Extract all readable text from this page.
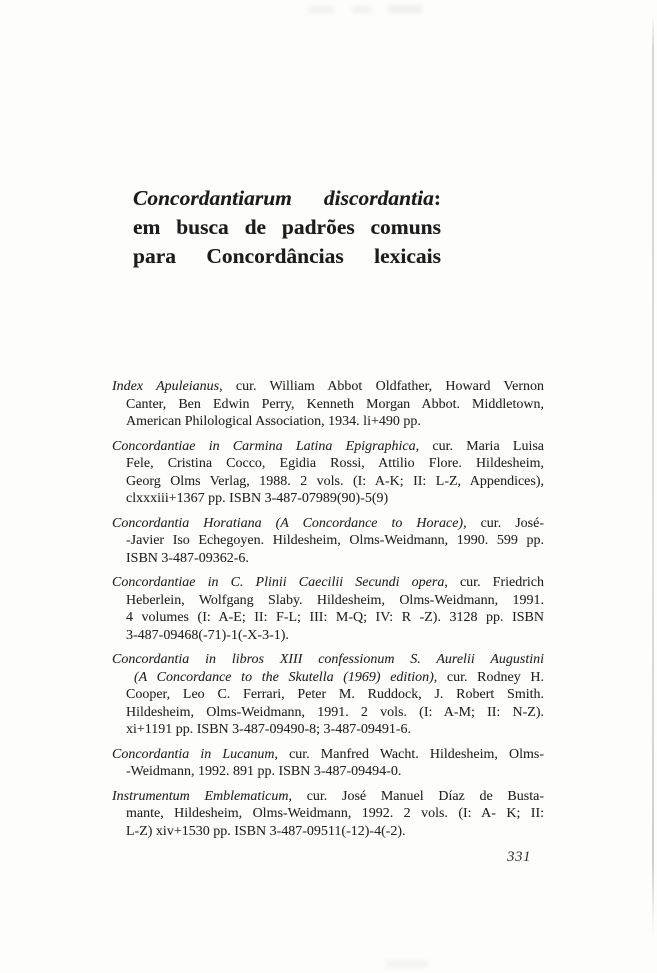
Concordantiarum discordantia:
em busca de padrões comuns
para Concordâncias lexicais
Index Apuleianus, cur. William Abbot Oldfather, Howard Vernon
Canter, Ben Edwin Perry, Kenneth Morgan Abbot. Middletown,
American Philological Association, 1934. li+490 pp.
Concordantiae in Carmina Latina Epigraphica, cur. Maria Luisa
Fele, Cristina Cocco, Egidia Rossi, Attilio Flore. Hildesheim,
Georg Olms Verlag, 1988. 2 vols. (I: A-K; II: L-Z, Appendices),
clxxxiii+1367 pp. ISBN 3-487-07989(90)-5(9)
Concordantia Horatiana (A Concordance to Horace), cur. José-
-Javier Iso Echegoyen. Hildesheim, Olms-Weidmann, 1990. 599 pp.
ISBN 3-487-09362-6.
Concordantiae in C. Plinii Caecilii Secundi opera, cur. Friedrich
Heberlein, Wolfgang Slaby. Hildesheim, Olms-Weidmann, 1991.
4 volumes (I: A-E; II: F-L; III: M-Q; IV: R -Z). 3128 pp. ISBN
3-487-09468(-71)-1(-X-3-1).
Concordantia in libros XIII confessionum S. Aurelii Augustini
(A Concordance to the Skutella (1969) edition), cur. Rodney H.
Cooper, Leo C. Ferrari, Peter M. Ruddock, J. Robert Smith.
Hildesheim, Olms-Weidmann, 1991. 2 vols. (I: A-M; II: N-Z).
xi+1191 pp. ISBN 3-487-09490-8; 3-487-09491-6.
Concordantia in Lucanum, cur. Manfred Wacht. Hildesheim, Olms-
-Weidmann, 1992. 891 pp. ISBN 3-487-09494-0.
Instrumentum Emblematicum, cur. José Manuel Díaz de Busta-
mante, Hildesheim, Olms-Weidmann, 1992. 2 vols. (I: A- K; II:
L-Z) xiv+1530 pp. ISBN 3-487-09511(-12)-4(-2).
331
